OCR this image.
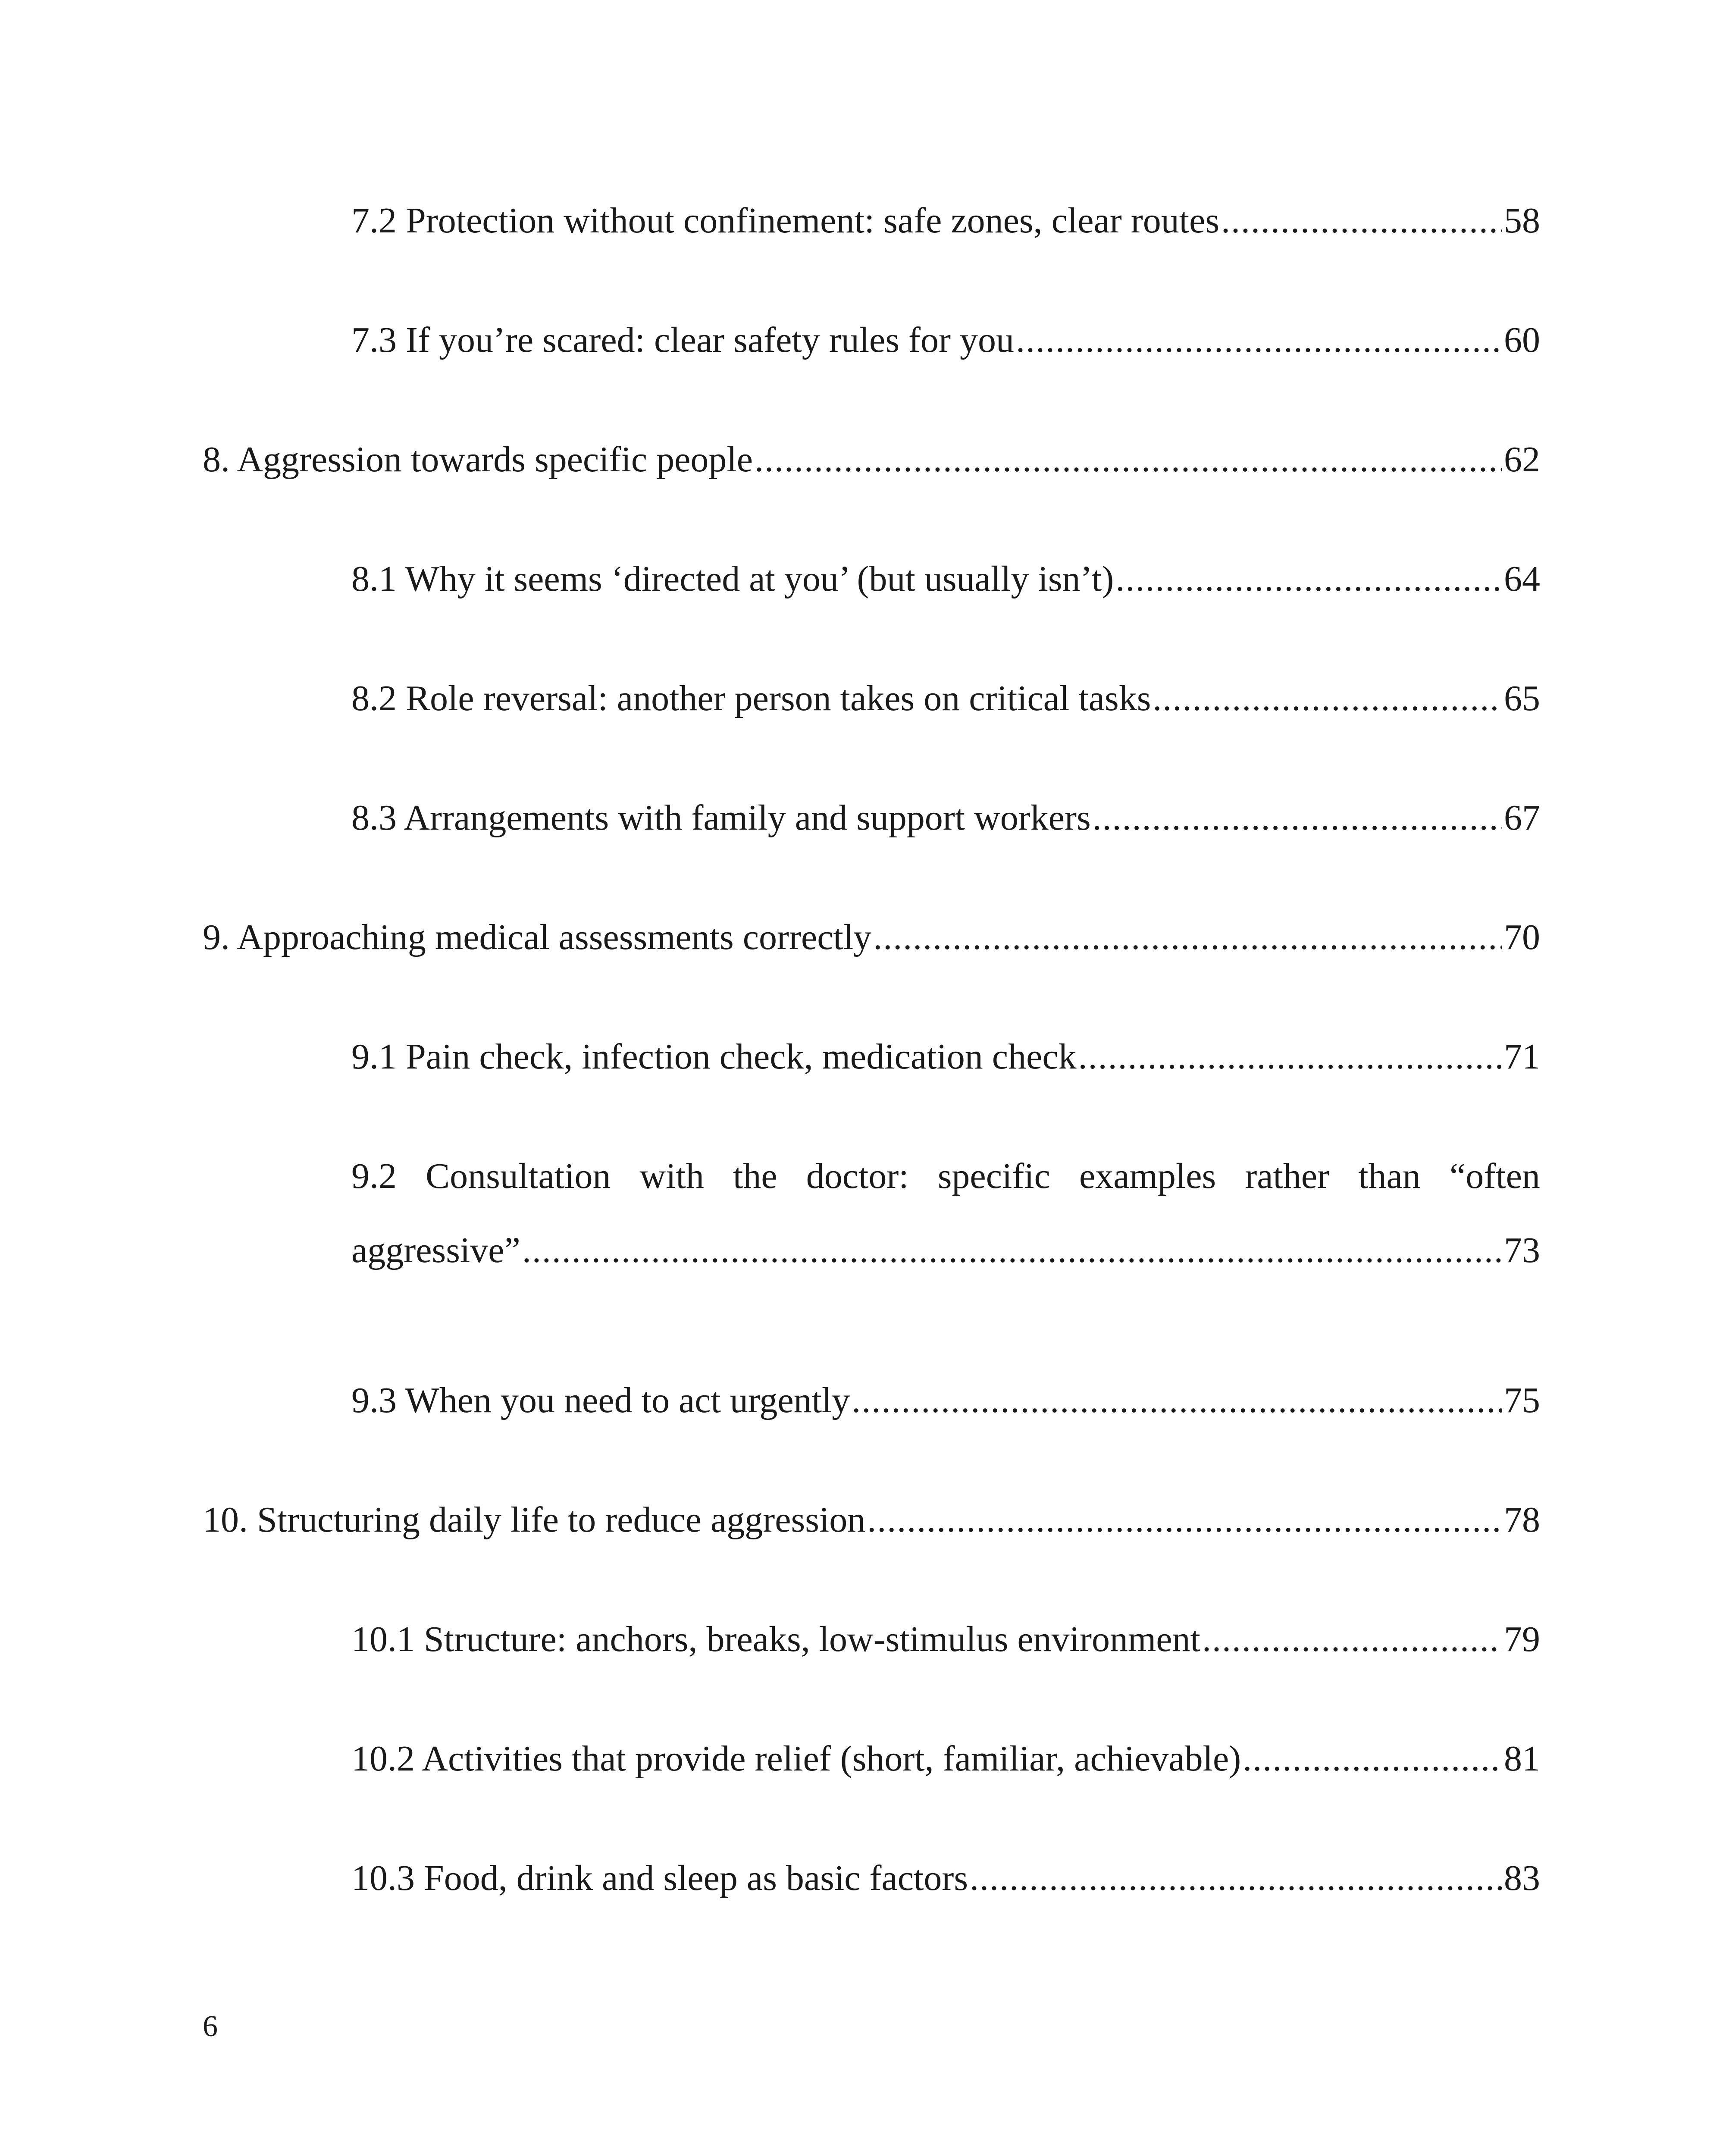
7.2 Protection without confinement: safe zones, clear routes .....	58
7.3 If you’re scared: clear safety rules for you .....	60
8. Aggression towards specific people .....	62
8.1 Why it seems ‘directed at you’ (but usually isn’t) .....	64
8.2 Role reversal: another person takes on critical tasks .....	65
8.3 Arrangements with family and support workers .....	67
9. Approaching medical assessments correctly .....	70
9.1 Pain check, infection check, medication check .....	71
9.2 Consultation with the doctor: specific examples rather than “often
aggressive” .....	73
9.3 When you need to act urgently .....	75
10. Structuring daily life to reduce aggression .....	78
10.1 Structure: anchors, breaks, low-stimulus environment .....	79
10.2 Activities that provide relief (short, familiar, achievable) .....	81
10.3 Food, drink and sleep as basic factors .....	83
6
